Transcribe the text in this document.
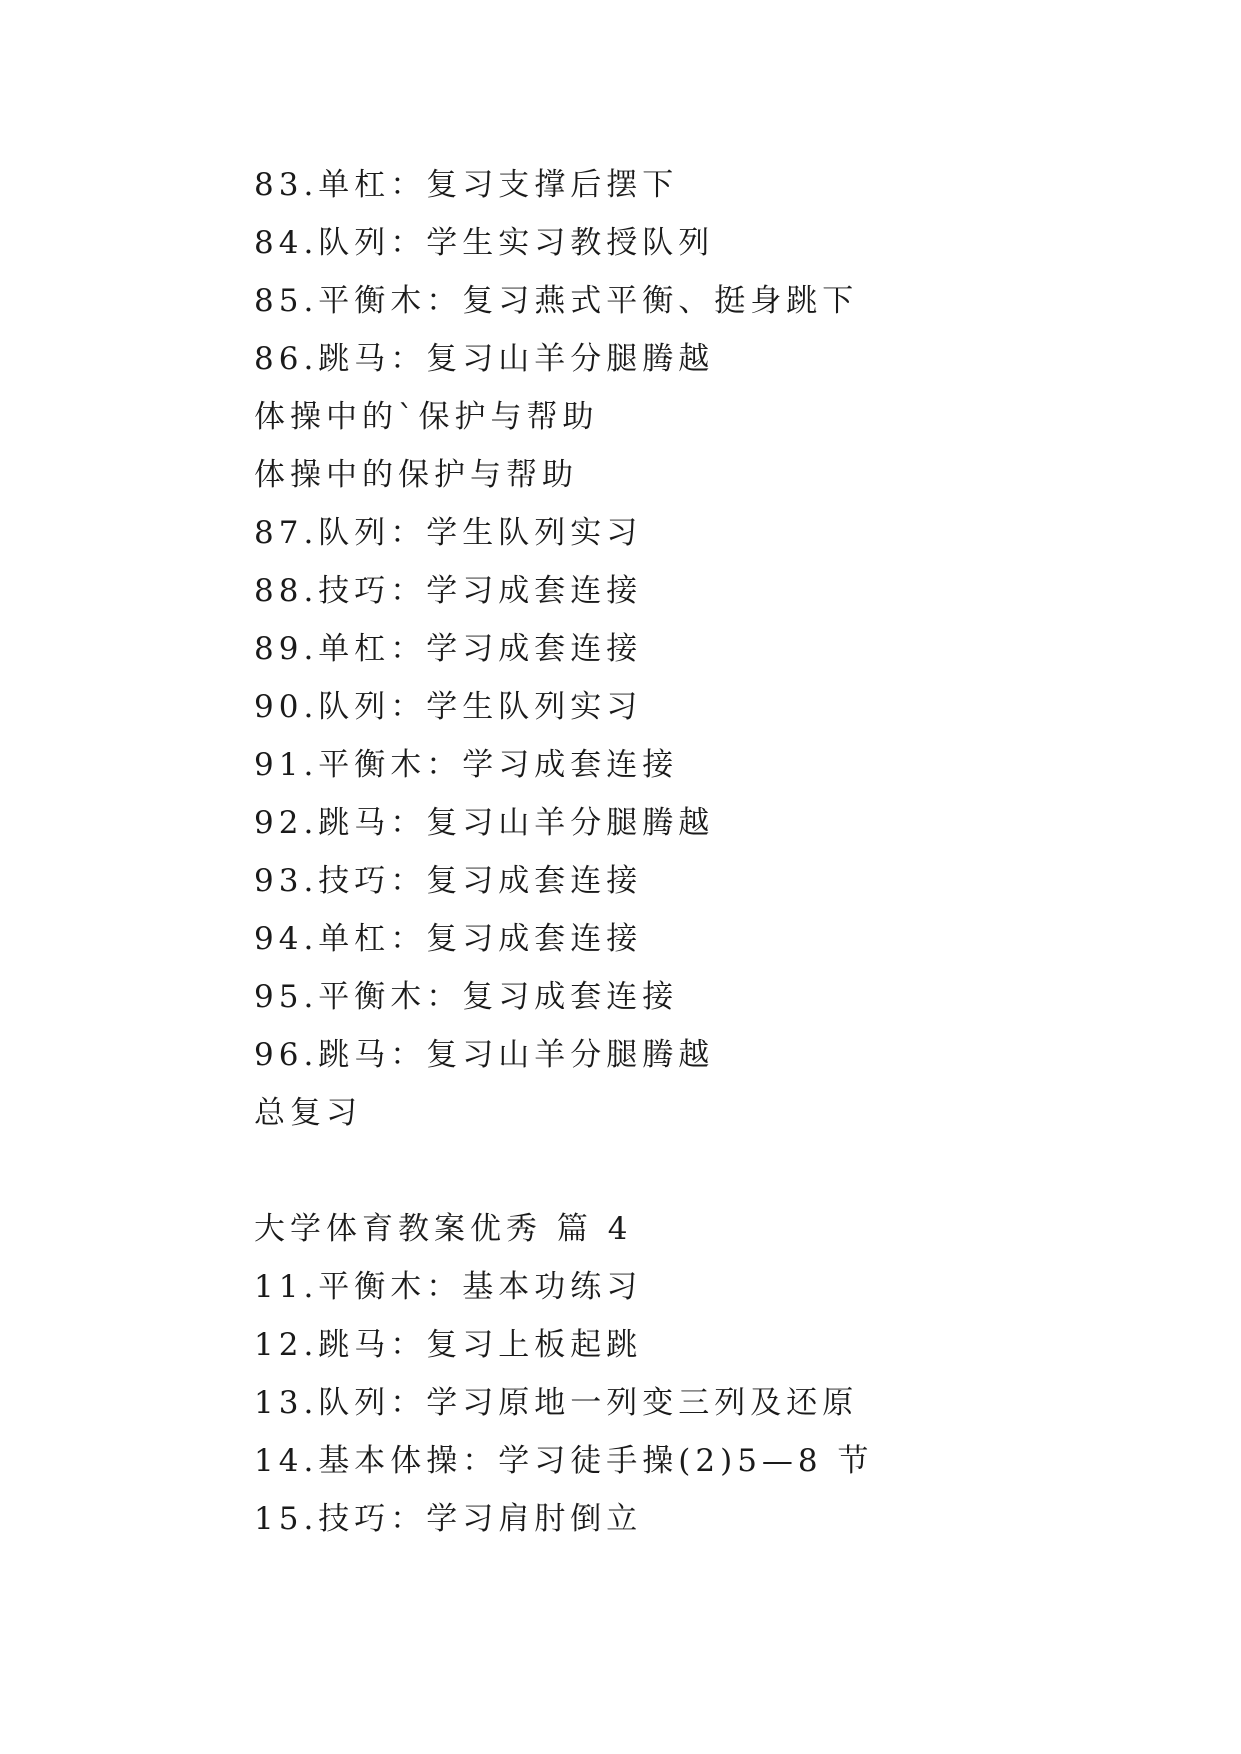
83.单杠：复习支撑后摆下
84.队列：学生实习教授队列
85.平衡木：复习燕式平衡、挺身跳下
86.跳马：复习山羊分腿腾越
体操中的`保护与帮助
体操中的保护与帮助
87.队列：学生队列实习
88.技巧：学习成套连接
89.单杠：学习成套连接
90.队列：学生队列实习
91.平衡木：学习成套连接
92.跳马：复习山羊分腿腾越
93.技巧：复习成套连接
94.单杠：复习成套连接
95.平衡木：复习成套连接
96.跳马：复习山羊分腿腾越
总复习
大学体育教案优秀 篇 4
11.平衡木：基本功练习
12.跳马：复习上板起跳
13.队列：学习原地一列变三列及还原
14.基本体操：学习徒手操(2)5—8 节
15.技巧：学习肩肘倒立
